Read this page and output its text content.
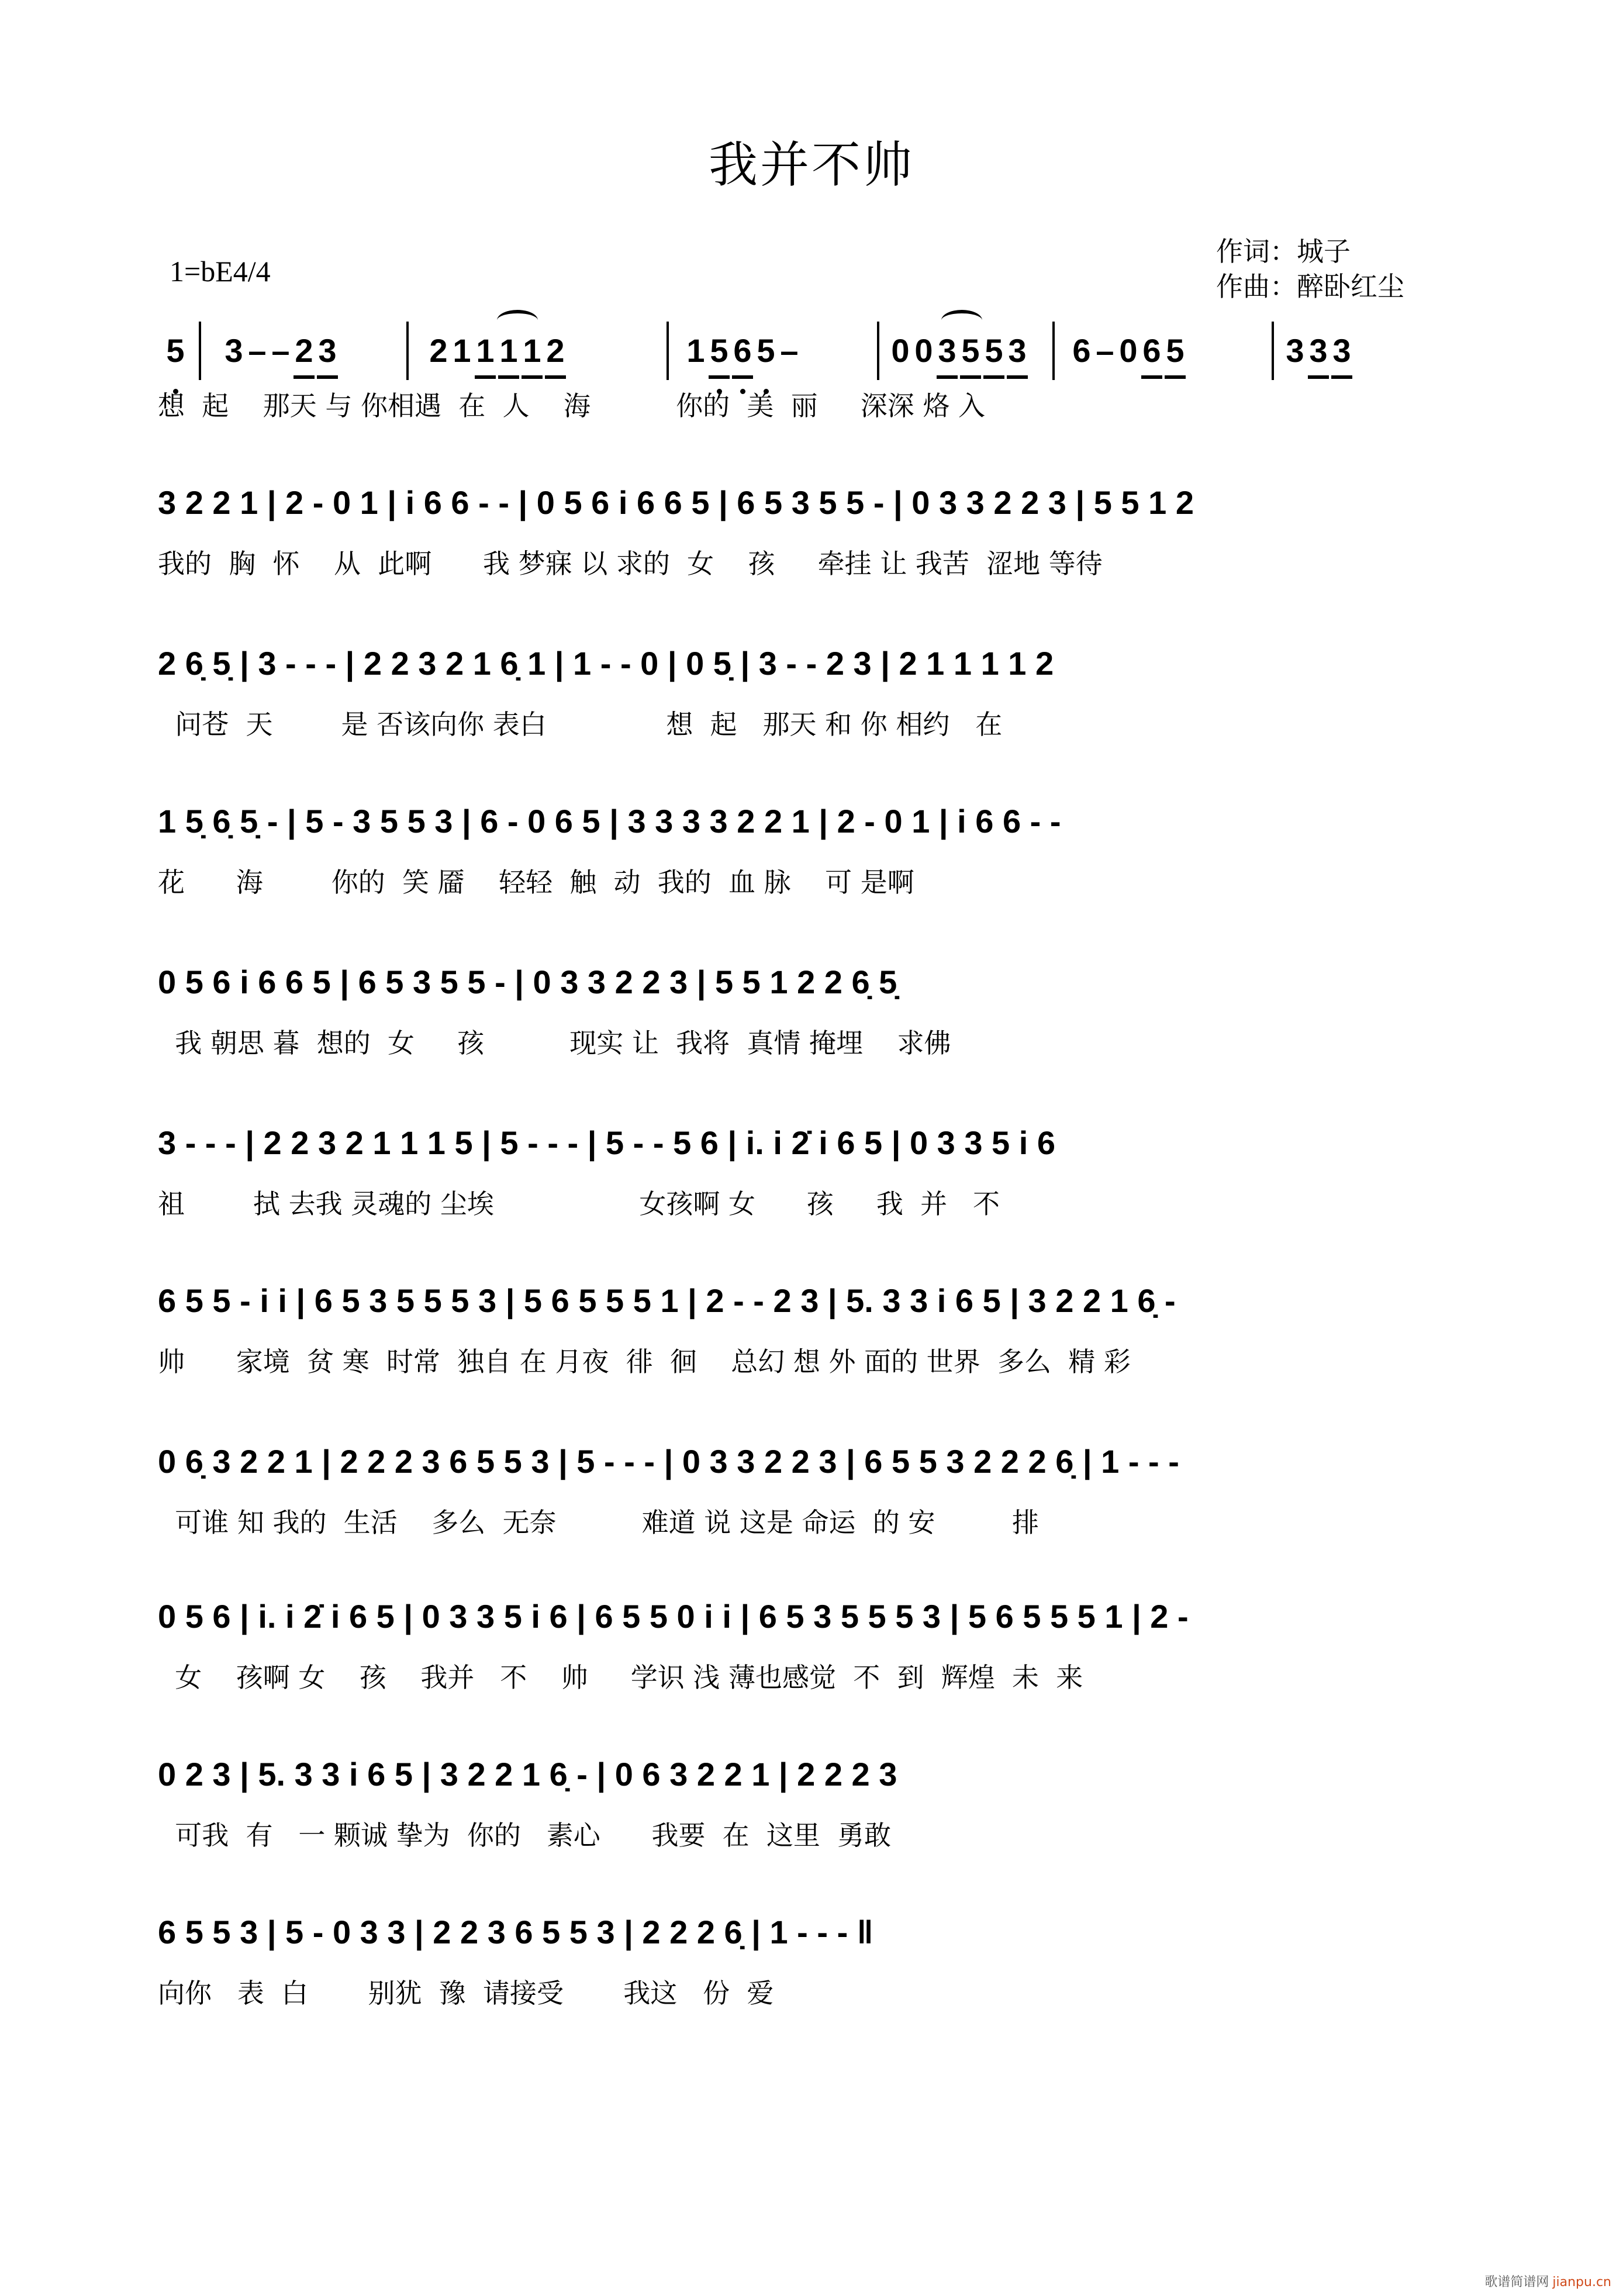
我并不帅
1=bE4/4
作词：城子
作曲：醉卧红尘
5 3 – – 2 3	2 1 1 1 1 2	1 5 6 5 –	0 0 3 5 5 3 6 – 0 6 5	3 3 3
想  起    那天 与 你相遇  在  人    海          你的  美  丽     深深 烙 入
3 2 2 1 | 2 - 0 1 | i 6 6 - - | 0 5 6 i 6 6 5 | 6 5 3 5 5 - | 0 3 3 2 2 3 | 5 5 1 2
我的  胸  怀    从  此啊      我 梦寐 以 求的  女    孩     牵挂 让 我苦  涩地 等待
2 6̣ 5̣ | 3 - - - | 2 2 3 2 1 6̣ 1 | 1 - - 0 | 0 5̣ | 3 - - 2 3 | 2 1 1 1 1 2
问苍  天        是 否该向你 表白              想  起   那天 和 你 相约   在
1 5̣ 6̣ 5̣ - | 5 - 3 5 5 3 | 6 - 0 6 5 | 3 3 3 3 2 2 1 | 2 - 0 1 | i 6 6 - -
花      海        你的  笑 靥    轻轻  触  动  我的  血 脉    可 是啊
0 5 6 i 6 6 5 | 6 5 3 5 5 - | 0 3 3 2 2 3 | 5 5 1 2 2 6̣ 5̣
我 朝思 暮  想的  女     孩          现实 让  我将  真情 掩埋    求佛
3 - - - | 2 2 3 2 1 1 1 5 | 5 - - - | 5 - - 5 6 | i. i 2̇ i 6 5 | 0 3 3 5 i 6
祖        拭 去我 灵魂的 尘埃                 女孩啊 女      孩     我  并   不
6 5 5 - i i | 6 5 3 5 5 5 3 | 5 6 5 5 5 1 | 2 - - 2 3 | 5. 3 3 i 6 5 | 3 2 2 1 6̣ -
帅      家境  贫 寒  时常  独自 在 月夜  徘  徊    总幻 想 外 面的 世界  多么  精 彩
0 6̣ 3 2 2 1 | 2 2 2 3 6 5 5 3 | 5 - - - | 0 3 3 2 2 3 | 6 5 5 3 2 2 2 6̣ | 1 - - -
可谁 知 我的  生活    多么  无奈          难道 说 这是 命运  的 安         排
0 5 6 | i. i 2̇ i 6 5 | 0 3 3 5 i 6 | 6 5 5 0 i i | 6 5 3 5 5 5 3 | 5 6 5 5 5 1 | 2 -
女    孩啊 女    孩    我并   不    帅     学识 浅 薄也感觉  不  到  辉煌  未  来
0 2 3 | 5. 3 3 i 6 5 | 3 2 2 1 6̣ - | 0 6 3 2 2 1 | 2 2 2 3
可我  有   一 颗诚 挚为  你的   素心      我要  在  这里  勇敢
6 5 5 3 | 5 - 0 3 3 | 2 2 3 6 5 5 3 | 2 2 2 6̣ | 1 - - - ‖
向你   表  白       别犹  豫  请接受       我这   份  爱
歌谱简谱网 jianpu.cn
